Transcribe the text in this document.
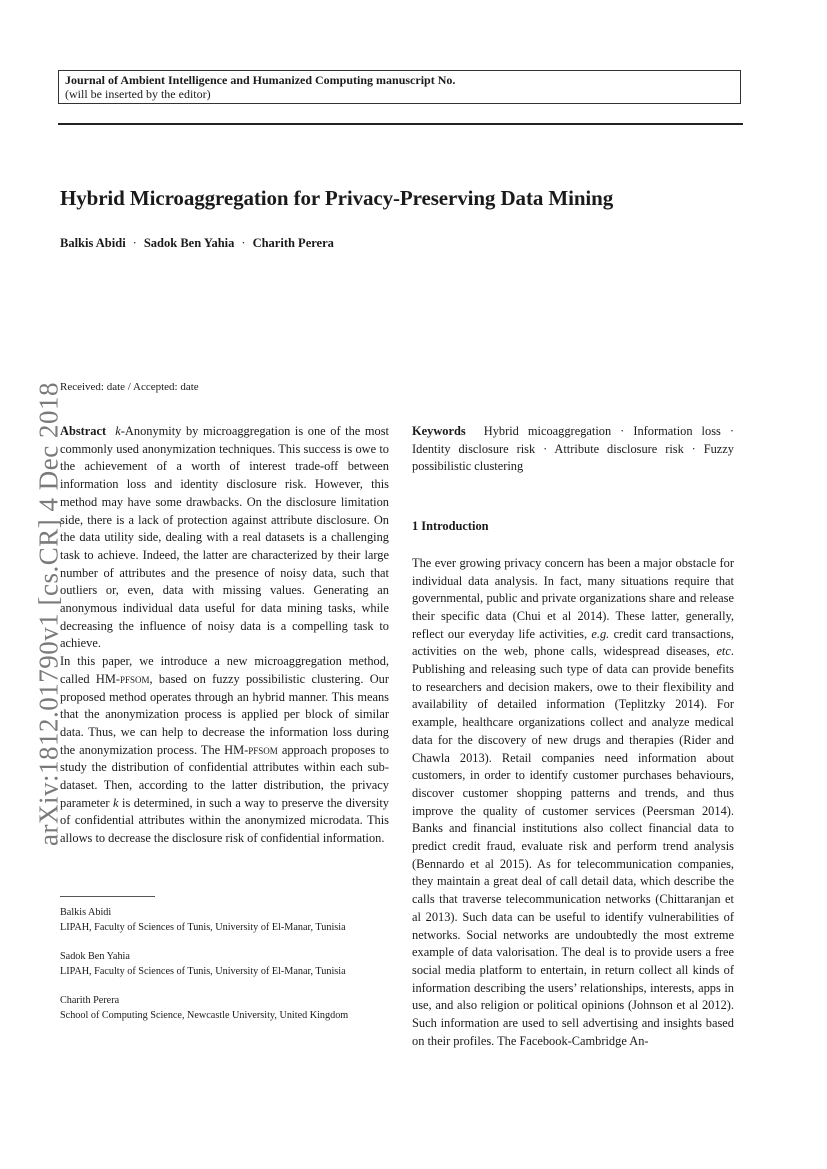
Journal of Ambient Intelligence and Humanized Computing manuscript No.
(will be inserted by the editor)
Hybrid Microaggregation for Privacy-Preserving Data Mining
Balkis Abidi · Sadok Ben Yahia · Charith Perera
Received: date / Accepted: date
arXiv:1812.01790v1 [cs.CR] 4 Dec 2018

Abstract k-Anonymity by microaggregation is one of the most commonly used anonymization techniques. This success is owe to the achievement of a worth of interest trade-off between information loss and identity disclosure risk. However, this method may have some drawbacks. On the disclosure limitation side, there is a lack of protection against attribute disclosure. On the data utility side, dealing with a real datasets is a challenging task to achieve. Indeed, the latter are characterized by their large number of attributes and the presence of noisy data, such that outliers or, even, data with missing values. Generating an anonymous individual data useful for data mining tasks, while decreasing the influence of noisy data is a compelling task to achieve.

In this paper, we introduce a new microaggregation method, called HM-pfsom, based on fuzzy possibilistic clustering. Our proposed method operates through an hybrid manner. This means that the anonymization process is applied per block of similar data. Thus, we can help to decrease the information loss during the anonymization process. The HM-pfsom approach proposes to study the distribution of confidential attributes within each sub-dataset. Then, according to the latter distribution, the privacy parameter k is determined, in such a way to preserve the diversity of confidential attributes within the anonymized microdata. This allows to decrease the disclosure risk of confidential information.

Keywords Hybrid micoaggregation · Information loss · Identity disclosure risk · Attribute disclosure risk · Fuzzy possibilistic clustering

1 Introduction

The ever growing privacy concern has been a major obstacle for individual data analysis. In fact, many situations require that governmental, public and private organizations share and release their specific data (Chui et al 2014). These latter, generally, reflect our everyday life activities, e.g. credit card transactions, activities on the web, phone calls, widespread diseases, etc. Publishing and releasing such type of data can provide benefits to researchers and decision makers, owe to their flexibility and availability of detailed information (Teplitzky 2014). For example, healthcare organizations collect and analyze medical data for the discovery of new drugs and therapies (Rider and Chawla 2013). Retail companies need information about customers, in order to identify customer purchases behaviours, discover customer shopping patterns and trends, and thus improve the quality of customer services (Peersman 2014). Banks and financial institutions also collect financial data to predict credit fraud, evaluate risk and perform trend analysis (Bennardo et al 2015). As for telecommunication companies, they maintain a great deal of call detail data, which describe the calls that traverse telecommunication networks (Chittaranjan et al 2013). Such data can be useful to identify vulnerabilities of networks. Social networks are undoubtedly the most extreme example of data valorisation. The deal is to provide users a free social media platform to entertain, in return collect all kinds of information describing the users’ relationships, interests, apps in use, and also religion or political opinions (Johnson et al 2012). Such information are used to sell advertising and insights based on their profiles. The Facebook-Cambridge An-

Balkis Abidi
LIPAH, Faculty of Sciences of Tunis, University of El-Manar, Tunisia
Sadok Ben Yahia
LIPAH, Faculty of Sciences of Tunis, University of El-Manar, Tunisia
Charith Perera
School of Computing Science, Newcastle University, United Kingdom
